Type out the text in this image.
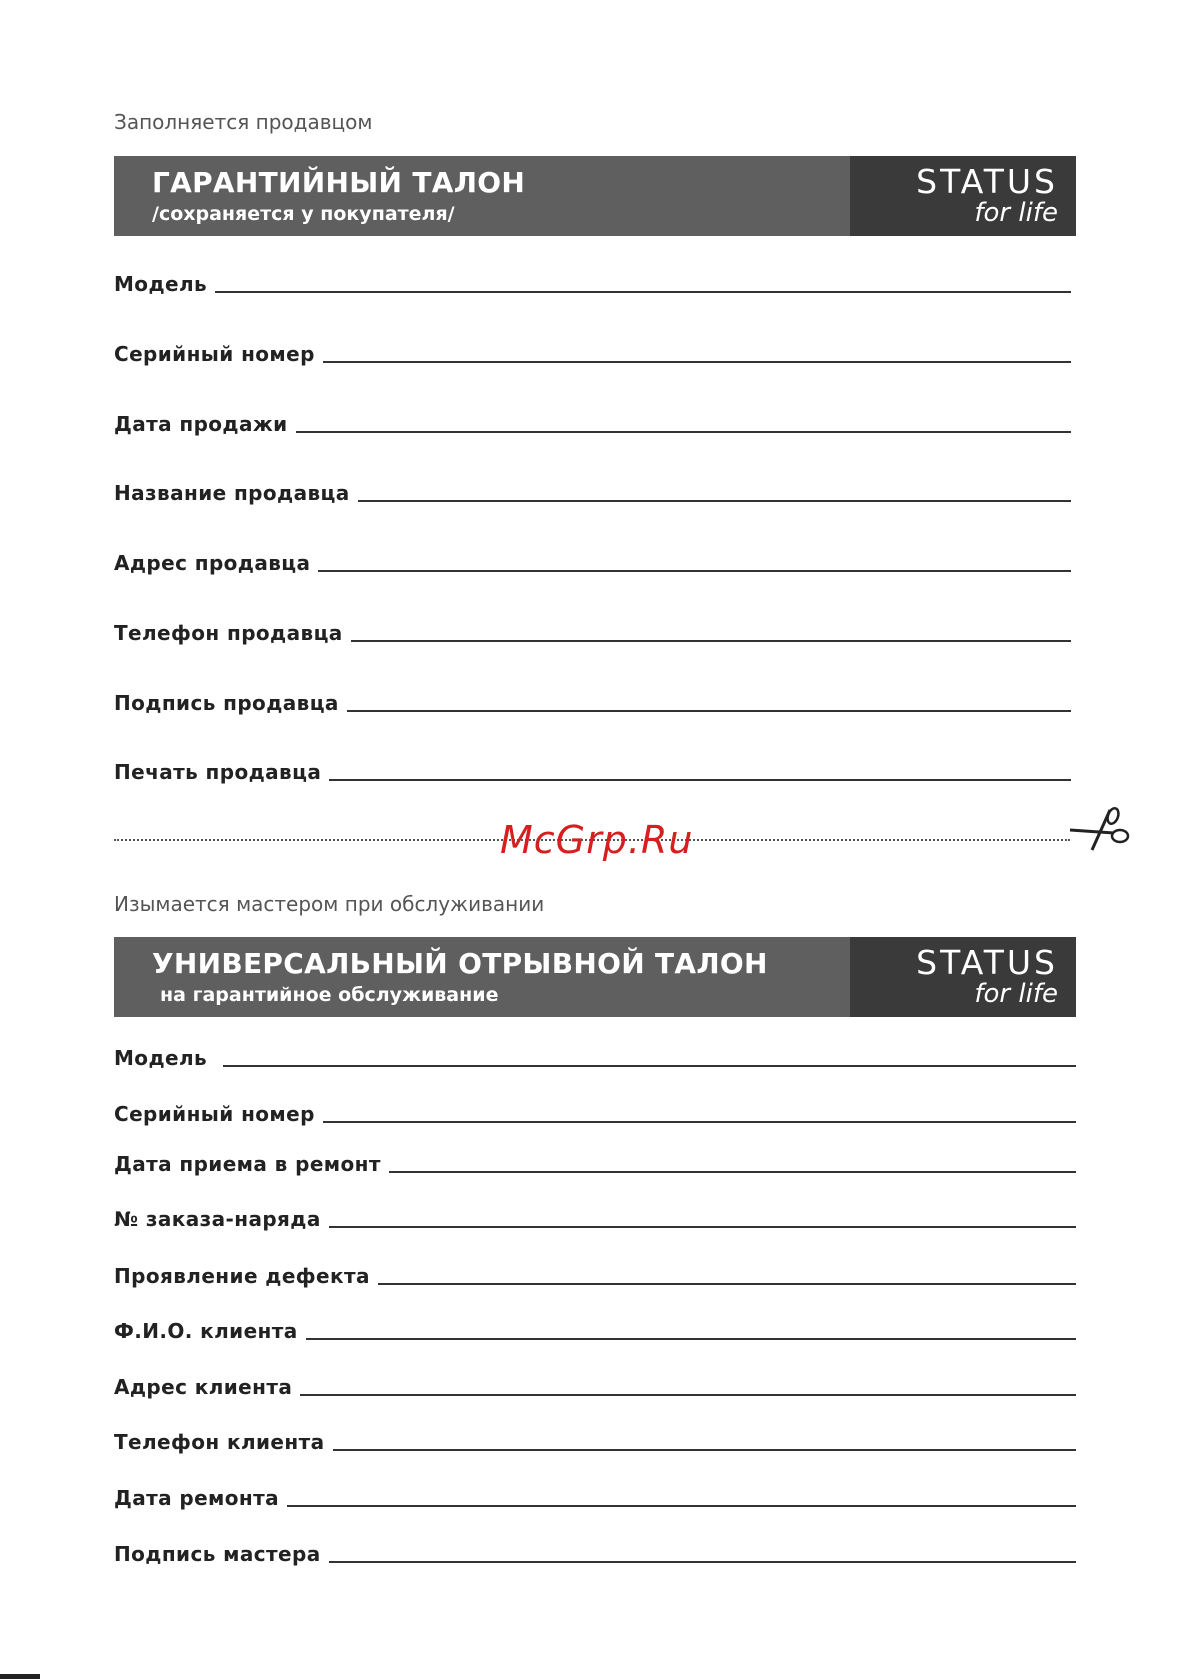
Заполняется продавцом
ГАРАНТИЙНЫЙ ТАЛОН
/сохраняется у покупателя/
STATUS
for life
Модель
Серийный номер
Дата продажи
Название продавца
Адрес продавца
Телефон продавца
Подпись продавца
Печать продавца
McGrp.Ru
Изымается мастером при обслуживании
УНИВЕРСАЛЬНЫЙ ОТРЫВНОЙ ТАЛОН
на гарантийное обслуживание
STATUS
for life
Модель
Серийный номер
Дата приема в ремонт
№ заказа-наряда
Проявление дефекта
Ф.И.О. клиента
Адрес клиента
Телефон клиента
Дата ремонта
Подпись мастера
